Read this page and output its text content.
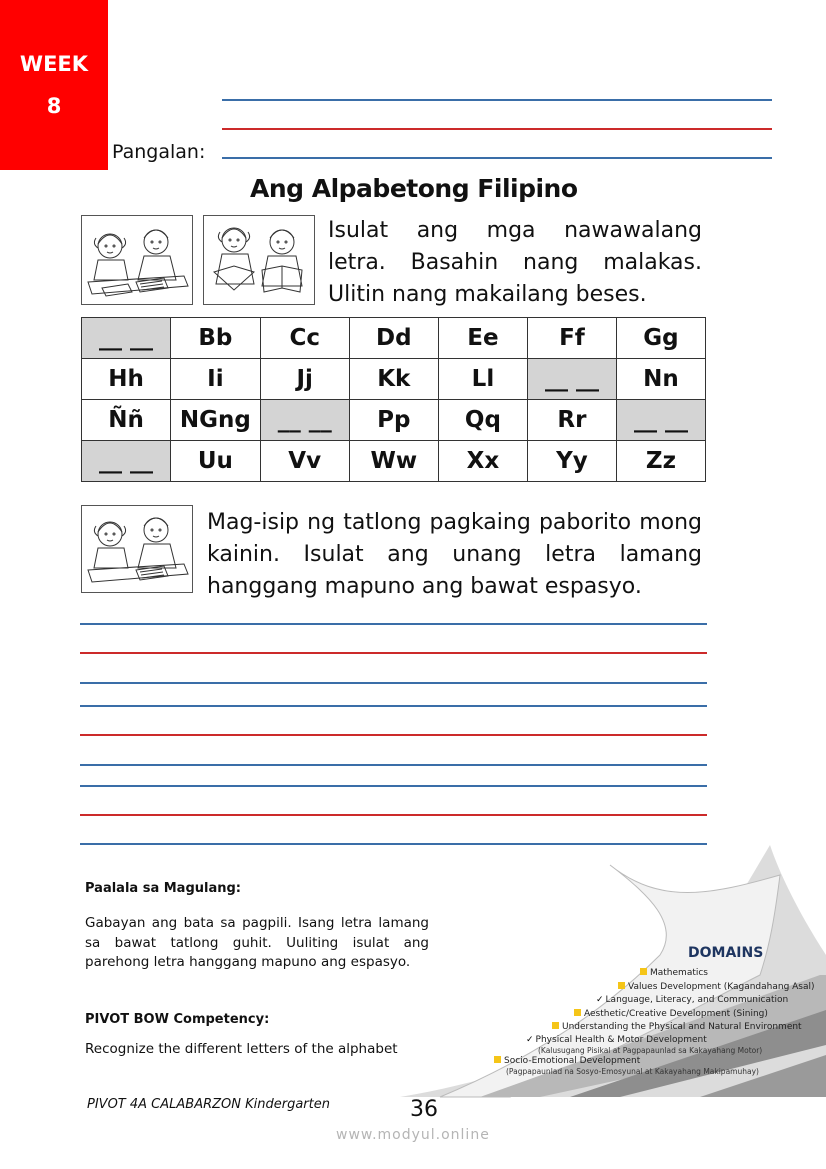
WEEK
8
Pangalan:
Ang Alpabetong Filipino
Isulat ang mga nawawalang letra. Basahin nang malakas. Ulitin nang makailang beses.
__ __	Bb	Cc	Dd	Ee	Ff	Gg
Hh	Ii	Jj	Kk	Ll	__ __	Nn
Ññ	NGng	__ __	Pp	Qq	Rr	__ __
__ __	Uu	Vv	Ww	Xx	Yy	Zz
Mag-isip ng tatlong pagkaing paborito mong kainin. Isulat ang unang letra lamang hanggang mapuno ang bawat espasyo.
DOMAINS
Mathematics
Values Development (Kagandahang Asal)
✓ Language, Literacy, and Communication
Aesthetic/Creative Development (Sining)
Understanding the Physical and Natural Environment
✓ Physical Health & Motor Development
(Kalusugang Pisikal at Pagpapaunlad sa Kakayahang Motor)
Socio-Emotional Development
(Pagpapaunlad na Sosyo-Emosyunal at Kakayahang Makipamuhay)
Paalala sa Magulang:
Gabayan ang bata sa pagpili. Isang letra lamang sa bawat tatlong guhit. Uuliting isulat ang parehong letra hanggang mapuno ang espasyo.
PIVOT BOW Competency:
Recognize the different letters of the alphabet
PIVOT 4A CALABARZON Kindergarten	36
www.modyul.online
